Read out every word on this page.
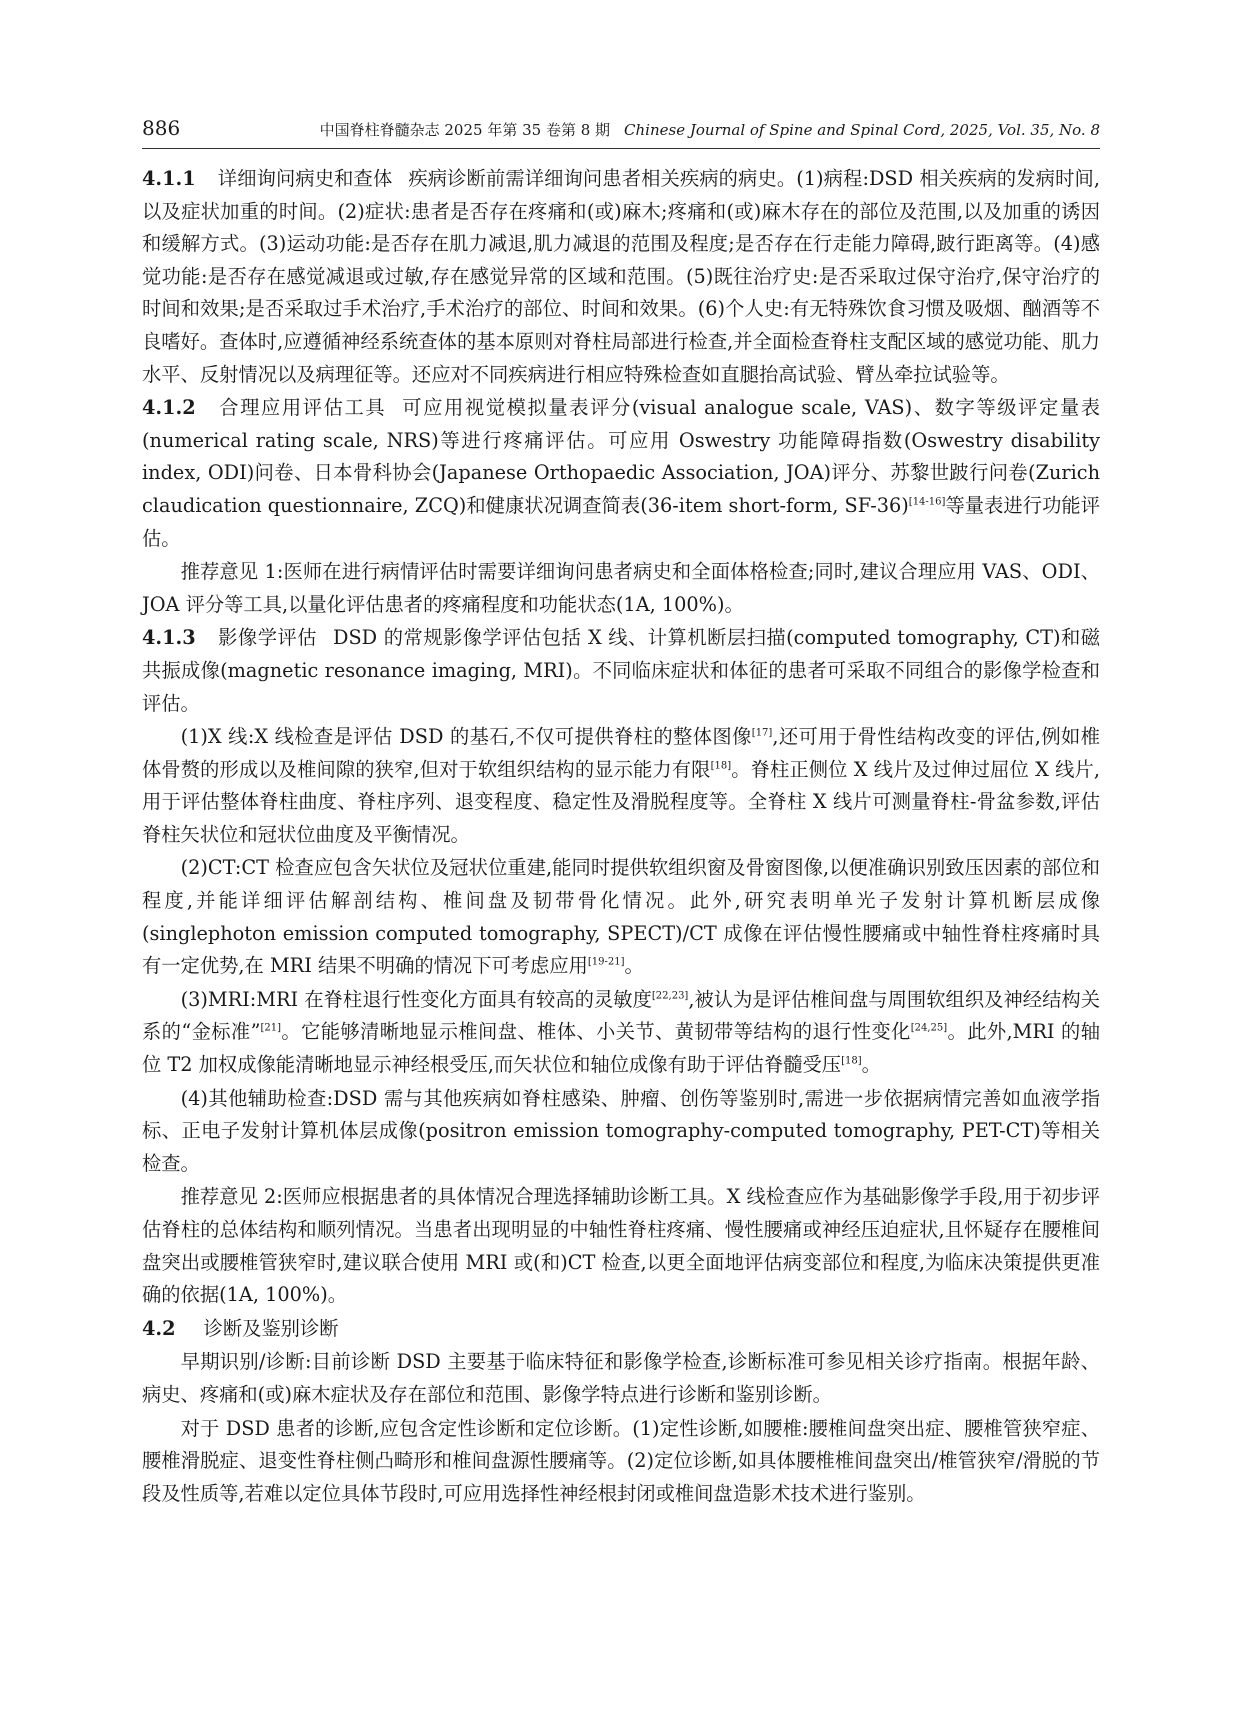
886	中国脊柱脊髓杂志 2025 年第 35 卷第 8 期 Chinese Journal of Spine and Spinal Cord, 2025, Vol. 35, No. 8

4.1.1 详细询问病史和查体 疾病诊断前需详细询问患者相关疾病的病史。(1)病程:DSD 相关疾病的发病时间,以及症状加重的时间。(2)症状:患者是否存在疼痛和(或)麻木;疼痛和(或)麻木存在的部位及范围,以及加重的诱因和缓解方式。(3)运动功能:是否存在肌力减退,肌力减退的范围及程度;是否存在行走能力障碍,跛行距离等。(4)感觉功能:是否存在感觉减退或过敏,存在感觉异常的区域和范围。(5)既往治疗史:是否采取过保守治疗,保守治疗的时间和效果;是否采取过手术治疗,手术治疗的部位、时间和效果。(6)个人史:有无特殊饮食习惯及吸烟、酗酒等不良嗜好。查体时,应遵循神经系统查体的基本原则对脊柱局部进行检查,并全面检查脊柱支配区域的感觉功能、肌力水平、反射情况以及病理征等。还应对不同疾病进行相应特殊检查如直腿抬高试验、臂丛牵拉试验等。

4.1.2 合理应用评估工具 可应用视觉模拟量表评分(visual analogue scale, VAS)、数字等级评定量表(numerical rating scale, NRS)等进行疼痛评估。可应用 Oswestry 功能障碍指数(Oswestry disability index, ODI)问卷、日本骨科协会(Japanese Orthopaedic Association, JOA)评分、苏黎世跛行问卷(Zurich claudication questionnaire, ZCQ)和健康状况调查简表(36-item short-form, SF-36)[14-16]等量表进行功能评估。

推荐意见 1:医师在进行病情评估时需要详细询问患者病史和全面体格检查;同时,建议合理应用 VAS、ODI、JOA 评分等工具,以量化评估患者的疼痛程度和功能状态(1A, 100%)。

4.1.3 影像学评估 DSD 的常规影像学评估包括 X 线、计算机断层扫描(computed tomography, CT)和磁共振成像(magnetic resonance imaging, MRI)。不同临床症状和体征的患者可采取不同组合的影像学检查和评估。

(1)X 线:X 线检查是评估 DSD 的基石,不仅可提供脊柱的整体图像[17],还可用于骨性结构改变的评估,例如椎体骨赘的形成以及椎间隙的狭窄,但对于软组织结构的显示能力有限[18]。脊柱正侧位 X 线片及过伸过屈位 X 线片,用于评估整体脊柱曲度、脊柱序列、退变程度、稳定性及滑脱程度等。全脊柱 X 线片可测量脊柱-骨盆参数,评估脊柱矢状位和冠状位曲度及平衡情况。

(2)CT:CT 检查应包含矢状位及冠状位重建,能同时提供软组织窗及骨窗图像,以便准确识别致压因素的部位和程度,并能详细评估解剖结构、椎间盘及韧带骨化情况。此外,研究表明单光子发射计算机断层成像 (singlephoton emission computed tomography, SPECT)/CT 成像在评估慢性腰痛或中轴性脊柱疼痛时具有一定优势,在 MRI 结果不明确的情况下可考虑应用[19-21]。

(3)MRI:MRI 在脊柱退行性变化方面具有较高的灵敏度[22,23],被认为是评估椎间盘与周围软组织及神经结构关系的“金标准”[21]。它能够清晰地显示椎间盘、椎体、小关节、黄韧带等结构的退行性变化[24,25]。此外,MRI 的轴位 T2 加权成像能清晰地显示神经根受压,而矢状位和轴位成像有助于评估脊髓受压[18]。

(4)其他辅助检查:DSD 需与其他疾病如脊柱感染、肿瘤、创伤等鉴别时,需进一步依据病情完善如血液学指标、正电子发射计算机体层成像(positron emission tomography-computed tomography, PET-CT)等相关检查。

推荐意见 2:医师应根据患者的具体情况合理选择辅助诊断工具。X 线检查应作为基础影像学手段,用于初步评估脊柱的总体结构和顺列情况。当患者出现明显的中轴性脊柱疼痛、慢性腰痛或神经压迫症状,且怀疑存在腰椎间盘突出或腰椎管狭窄时,建议联合使用 MRI 或(和)CT 检查,以更全面地评估病变部位和程度,为临床决策提供更准确的依据(1A, 100%)。

4.2 诊断及鉴别诊断

早期识别/诊断:目前诊断 DSD 主要基于临床特征和影像学检查,诊断标准可参见相关诊疗指南。根据年龄、病史、疼痛和(或)麻木症状及存在部位和范围、影像学特点进行诊断和鉴别诊断。

对于 DSD 患者的诊断,应包含定性诊断和定位诊断。(1)定性诊断,如腰椎:腰椎间盘突出症、腰椎管狭窄症、腰椎滑脱症、退变性脊柱侧凸畸形和椎间盘源性腰痛等。(2)定位诊断,如具体腰椎椎间盘突出/椎管狭窄/滑脱的节段及性质等,若难以定位具体节段时,可应用选择性神经根封闭或椎间盘造影术技术进行鉴别。
